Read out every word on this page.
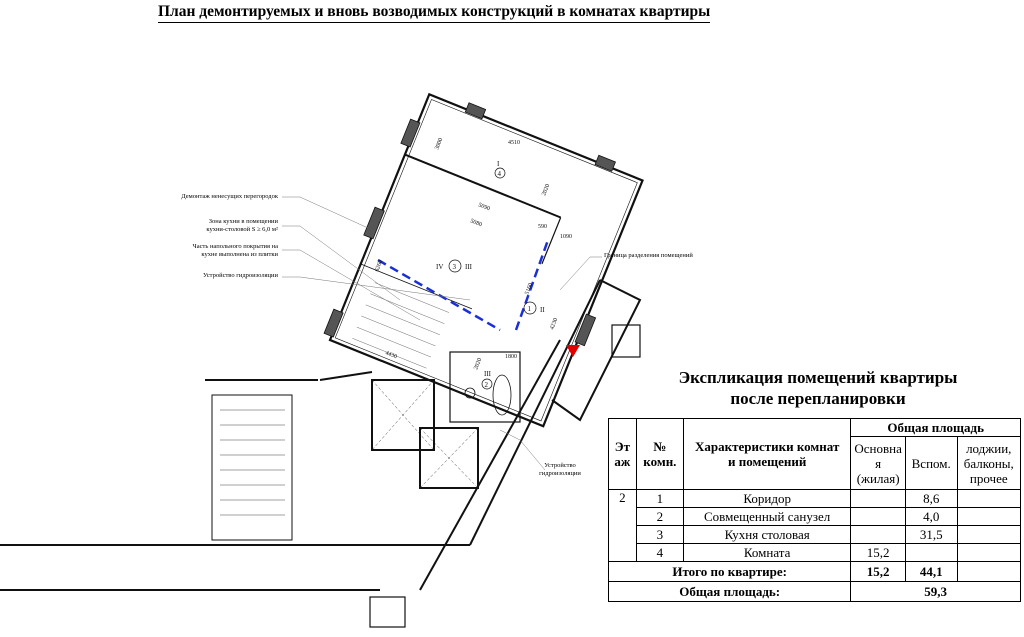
План демонтируемых и вновь возводимых конструкций в комнатах квартиры
4510
3000
2020
5090
5080	590
1090
6260
5160
4230
4430	1800
2020
4
I
3
IV	III
1 II
2
III
Демонтаж ненесущих перегородок
Зона кухни в помещении
кухни-столовой S ≥ 6,0 м²
Часть напольного покрытия на
кухне выполнена из плитки
Устройство гидроизоляции
Граница разделения помещений
Устройство
гидроизоляции
Экспликация помещений квартиры
после перепланировки
Эт аж	№ комн.	Характеристики комнат и помещений	Общая площадь		
			Основна я (жилая)	Вспом.	лоджии, балконы, прочее
2	1	Коридор		8,6	
	2	Совмещенный санузел		4,0	
	3	Кухня столовая		31,5	
	4	Комната	15,2		
Итого по квартире:			15,2	44,1	
Общая площадь:			59,3		
